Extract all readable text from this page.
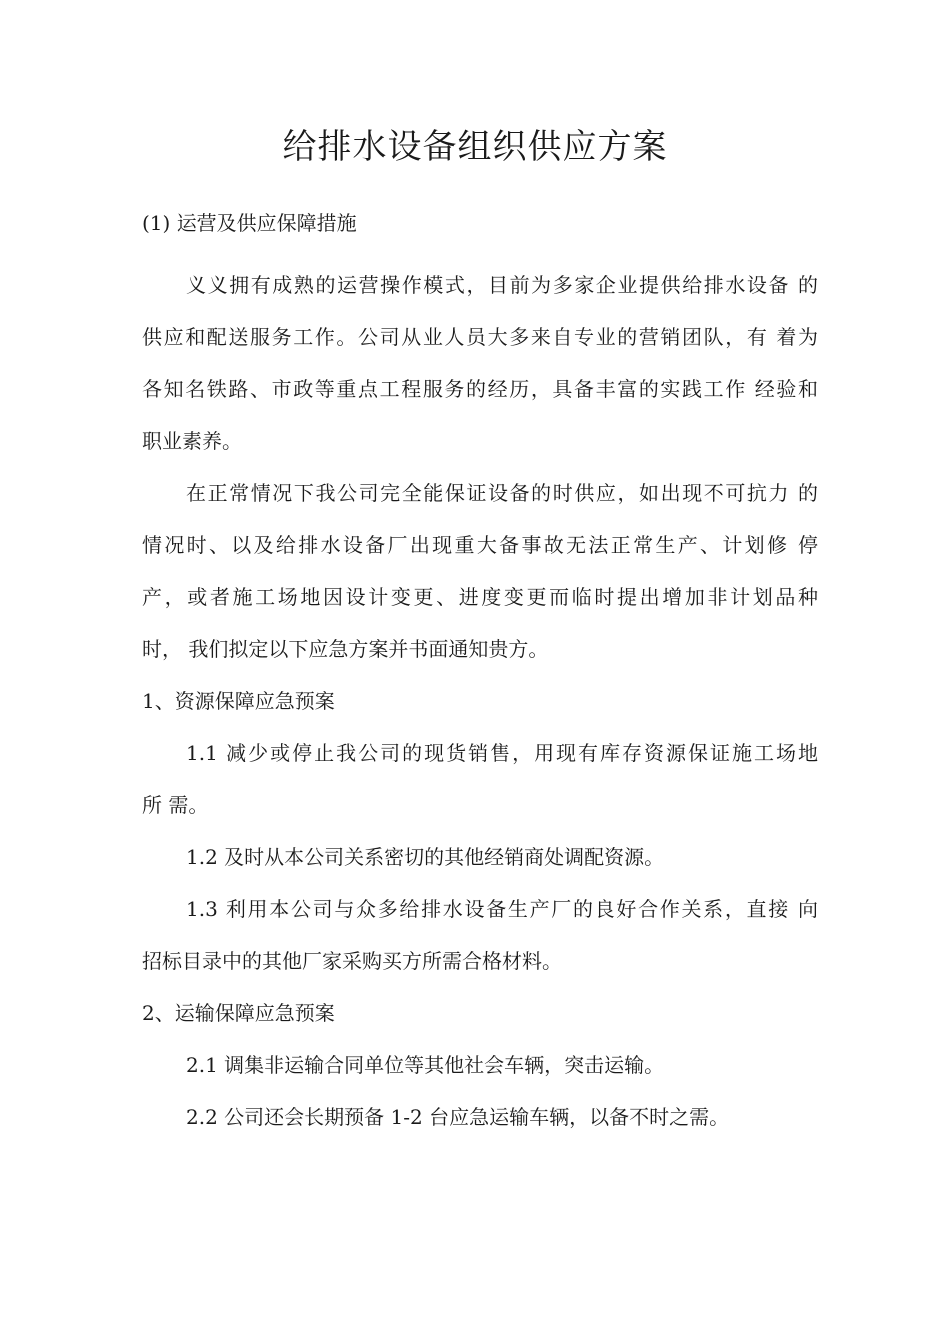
给排水设备组织供应方案
(1) 运营及供应保障措施
义义拥有成熟的运营操作模式，目前为多家企业提供给排水设备 的
供应和配送服务工作。公司从业人员大多来自专业的营销团队，有 着为
各知名铁路、市政等重点工程服务的经历，具备丰富的实践工作 经验和
职业素养。
在正常情况下我公司完全能保证设备的时供应，如出现不可抗力 的
情况时、以及给排水设备厂出现重大备事故无法正常生产、计划修 停
产，或者施工场地因设计变更、进度变更而临时提出增加非计划品种
时， 我们拟定以下应急方案并书面通知贵方。
1、资源保障应急预案
1.1 减少或停止我公司的现货销售，用现有库存资源保证施工场地
所 需。
1.2 及时从本公司关系密切的其他经销商处调配资源。
1.3 利用本公司与众多给排水设备生产厂的良好合作关系，直接 向
招标目录中的其他厂家采购买方所需合格材料。
2、运输保障应急预案
2.1 调集非运输合同单位等其他社会车辆，突击运输。
2.2 公司还会长期预备 1-2 台应急运输车辆，以备不时之需。
